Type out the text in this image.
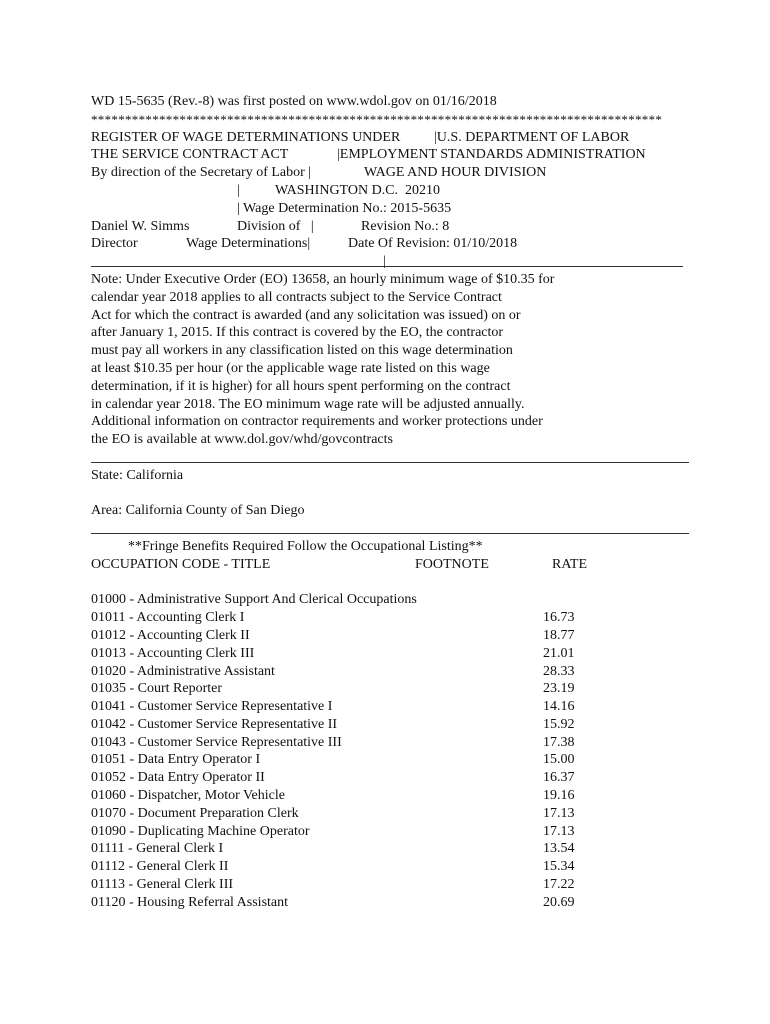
WD 15-5635 (Rev.-8) was first posted on www.wdol.gov on 01/16/2018

************************************************************************************

REGISTER OF WAGE DETERMINATIONS UNDER

|U.S. DEPARTMENT OF LABOR

THE SERVICE CONTRACT ACT

	|EMPLOYMENT STANDARDS ADMINISTRATION

By direction of the Secretary of Labor |

	WAGE AND HOUR DIVISION

|

	WASHINGTON D.C.  20210

| Wage Determination No.: 2015-5635

Daniel W. Simms

	Division of   |

	Revision No.: 8

Director

	Wage Determinations|

	Date Of Revision: 01/10/2018

|
Note: Under Executive Order (EO) 13658, an hourly minimum wage of $10.35 for
calendar year 2018 applies to all contracts subject to the Service Contract
Act for which the contract is awarded (and any solicitation was issued) on or
after January 1, 2015. If this contract is covered by the EO, the contractor
must pay all workers in any classification listed on this wage determination
at least $10.35 per hour (or the applicable wage rate listed on this wage
determination, if it is higher) for all hours spent performing on the contract
in calendar year 2018. The EO minimum wage rate will be adjusted annually.
Additional information on contractor requirements and worker protections under
the EO is available at www.dol.gov/whd/govcontracts

State: California

Area: California County of San Diego

**Fringe Benefits Required Follow the Occupational Listing**

OCCUPATION CODE - TITLE

	FOOTNOTE

	RATE

01000 - Administrative Support And Clerical Occupations

01011 - Accounting Clerk I	16.73
01012 - Accounting Clerk II	18.77
01013 - Accounting Clerk III	21.01
01020 - Administrative Assistant	28.33
01035 - Court Reporter	23.19
01041 - Customer Service Representative I	14.16
01042 - Customer Service Representative II	15.92
01043 - Customer Service Representative III	17.38
01051 - Data Entry Operator I	15.00
01052 - Data Entry Operator II	16.37
01060 - Dispatcher, Motor Vehicle	19.16
01070 - Document Preparation Clerk	17.13
01090 - Duplicating Machine Operator	17.13
01111 - General Clerk I	13.54
01112 - General Clerk II	15.34
01113 - General Clerk III	17.22
01120 - Housing Referral Assistant	20.69
